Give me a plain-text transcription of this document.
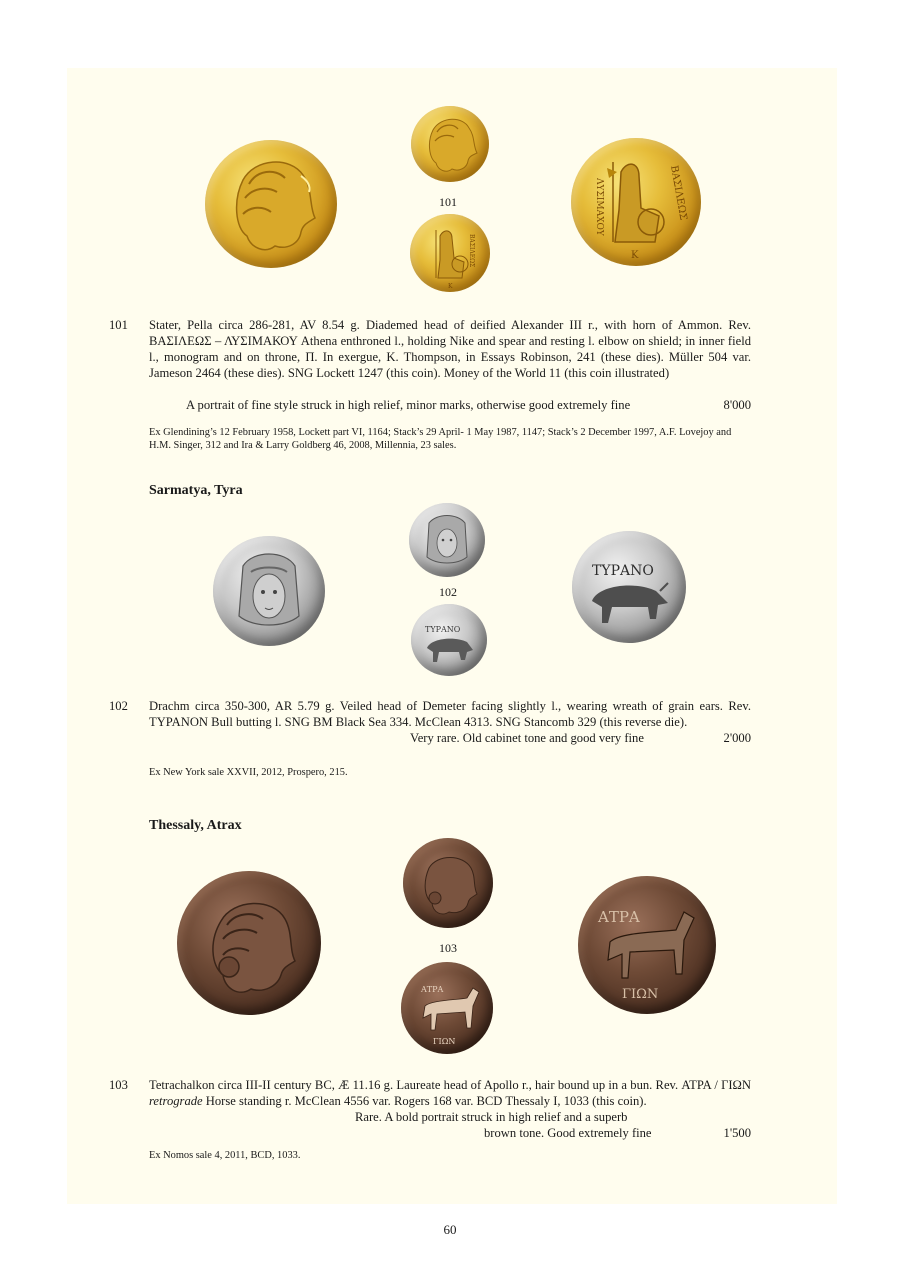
101
ΒΑΣΙΛΕΩΣ
K
ΒΑΣΙΛΕΩΣ
ΛΥΣΙΜΑΧΟΥ
K
101 Stater, Pella circa 286-281, AV 8.54 g. Diademed head of deified Alexander III r., with horn of Ammon. Rev. ΒΑΣΙΛΕΩΣ – ΛΥΣΙΜΑΚΟΥ Athena enthroned l., holding Nike and spear and resting l. elbow on shield; in inner field l., monogram and on throne, Π. In exergue, K. Thompson, in Essays Robinson, 241 (these dies). Müller 504 var. Jameson 2464 (these dies). SNG Lockett 1247 (this coin). Money of the World 11 (this coin illustrated)
A portrait of fine style struck in high relief, minor marks, otherwise good extremely fine	8'000
Ex Glendining’s 12 February 1958, Lockett part VI, 1164; Stack’s 29 April- 1 May 1987, 1147; Stack’s 2 December 1997, A.F. Lovejoy and H.M. Singer, 312 and Ira & Larry Goldberg 46, 2008, Millennia, 23 sales.
Sarmatya, Tyra
102
ΤΥΡΑΝΟ
ΤΥΡΑΝΟ
102 Drachm circa 350-300, AR 5.79 g. Veiled head of Demeter facing slightly l., wearing wreath of grain ears. Rev. ΤΥΡΑΝΟΝ Bull butting l. SNG BM Black Sea 334. McClean 4313. SNG Stancomb 329 (this reverse die).
Very rare. Old cabinet tone and good very fine	2'000
Ex New York sale XXVII, 2012, Prospero, 215.
Thessaly, Atrax
103
ΑΤΡΑ
ΓΙΩΝ
ΑΤΡΑ
ΓΙΩΝ
103 Tetrachalkon circa III-II century BC, Æ 11.16 g. Laureate head of Apollo r., hair bound up in a bun. Rev. ΑΤΡΑ / ΓΙΩΝ retrograde Horse standing r. McClean 4556 var. Rogers 168 var. BCD Thessaly I, 1033 (this coin).
Rare. A bold portrait struck in high relief and a superb
brown tone. Good extremely fine	1'500
Ex Nomos sale 4, 2011, BCD, 1033.
60
